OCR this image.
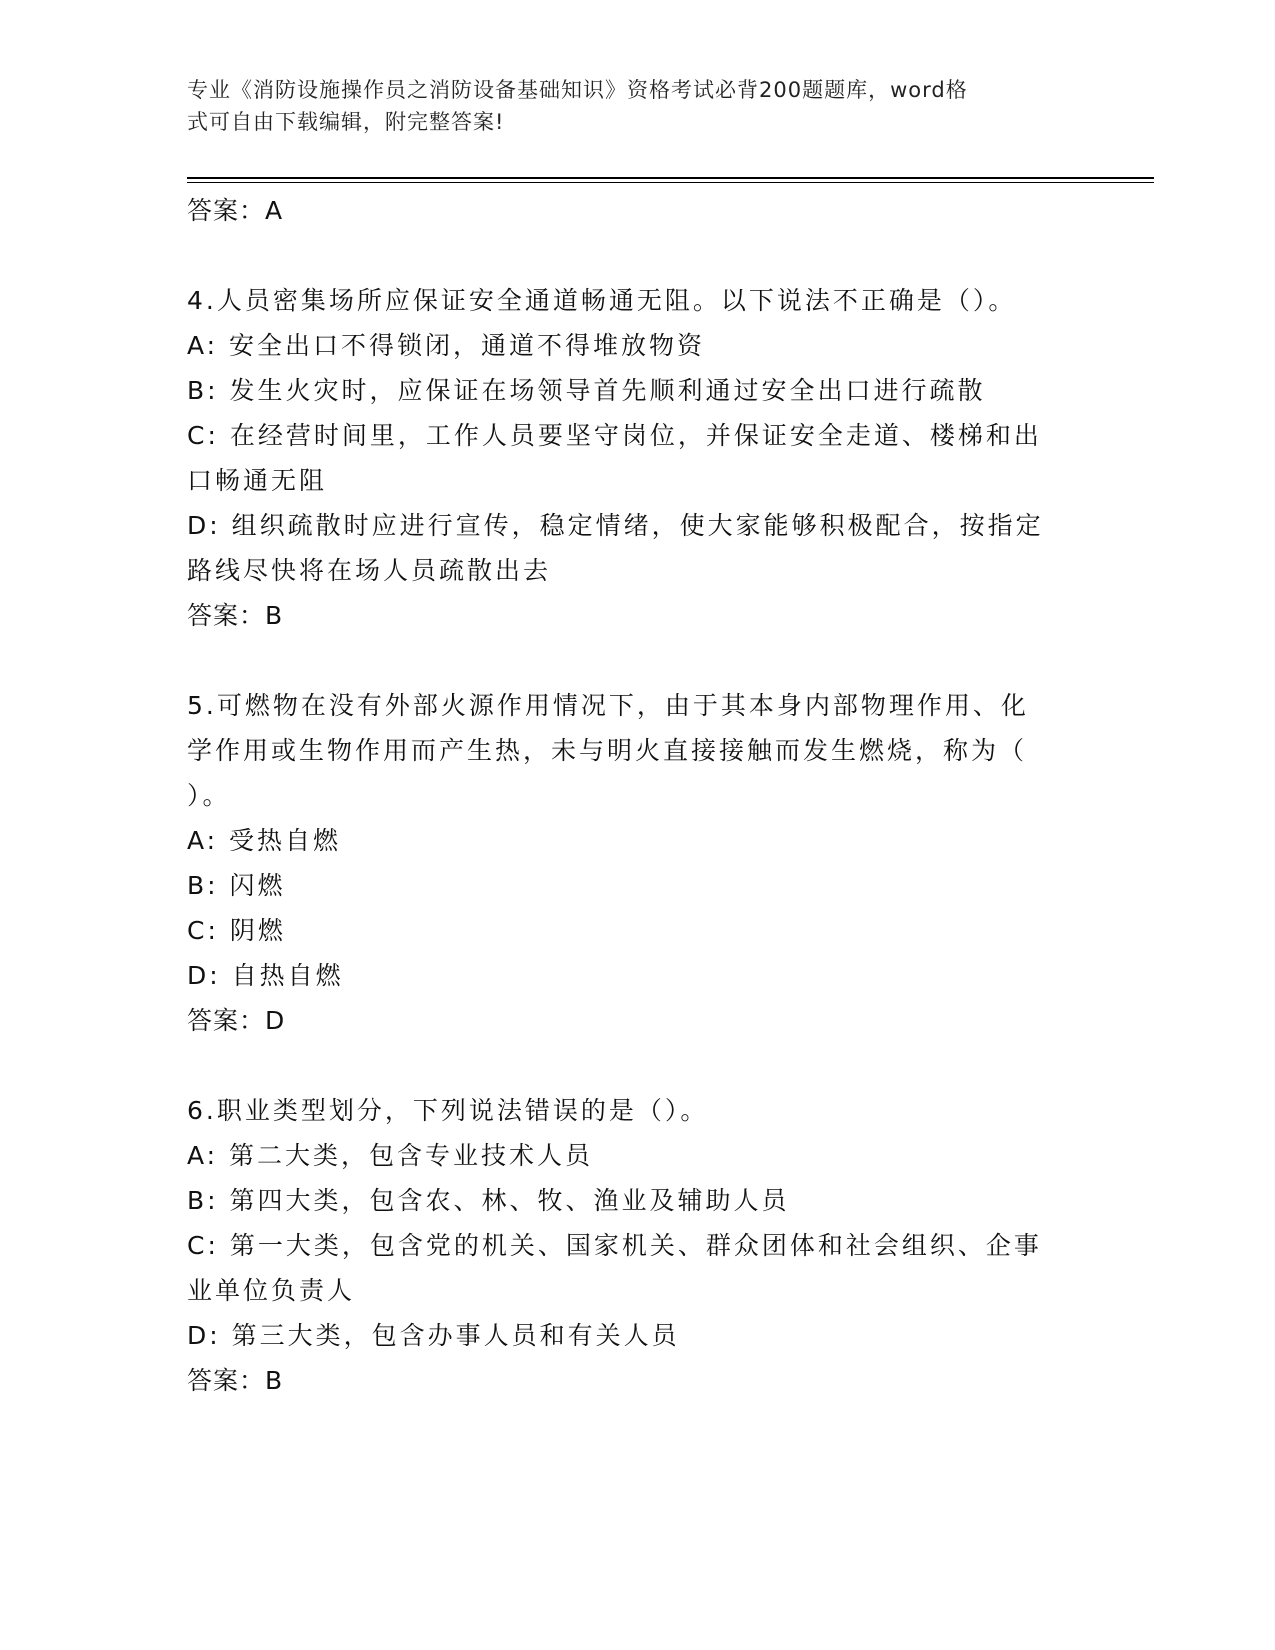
专业《消防设施操作员之消防设备基础知识》资格考试必背200题题库，word格
式可自由下载编辑，附完整答案!
答案：A
4.人员密集场所应保证安全通道畅通无阻。以下说法不正确是（）。
A: 安全出口不得锁闭，通道不得堆放物资
B: 发生火灾时，应保证在场领导首先顺利通过安全出口进行疏散
C: 在经营时间里，工作人员要坚守岗位，并保证安全走道、楼梯和出
口畅通无阻
D: 组织疏散时应进行宣传，稳定情绪，使大家能够积极配合，按指定
路线尽快将在场人员疏散出去
答案：B
5.可燃物在没有外部火源作用情况下，由于其本身内部物理作用、化
学作用或生物作用而产生热，未与明火直接接触而发生燃烧，称为（
）。
A: 受热自燃
B: 闪燃
C: 阴燃
D: 自热自燃
答案：D
6.职业类型划分，下列说法错误的是（）。
A: 第二大类，包含专业技术人员
B: 第四大类，包含农、林、牧、渔业及辅助人员
C: 第一大类，包含党的机关、国家机关、群众团体和社会组织、企事
业单位负责人
D: 第三大类，包含办事人员和有关人员
答案：B
